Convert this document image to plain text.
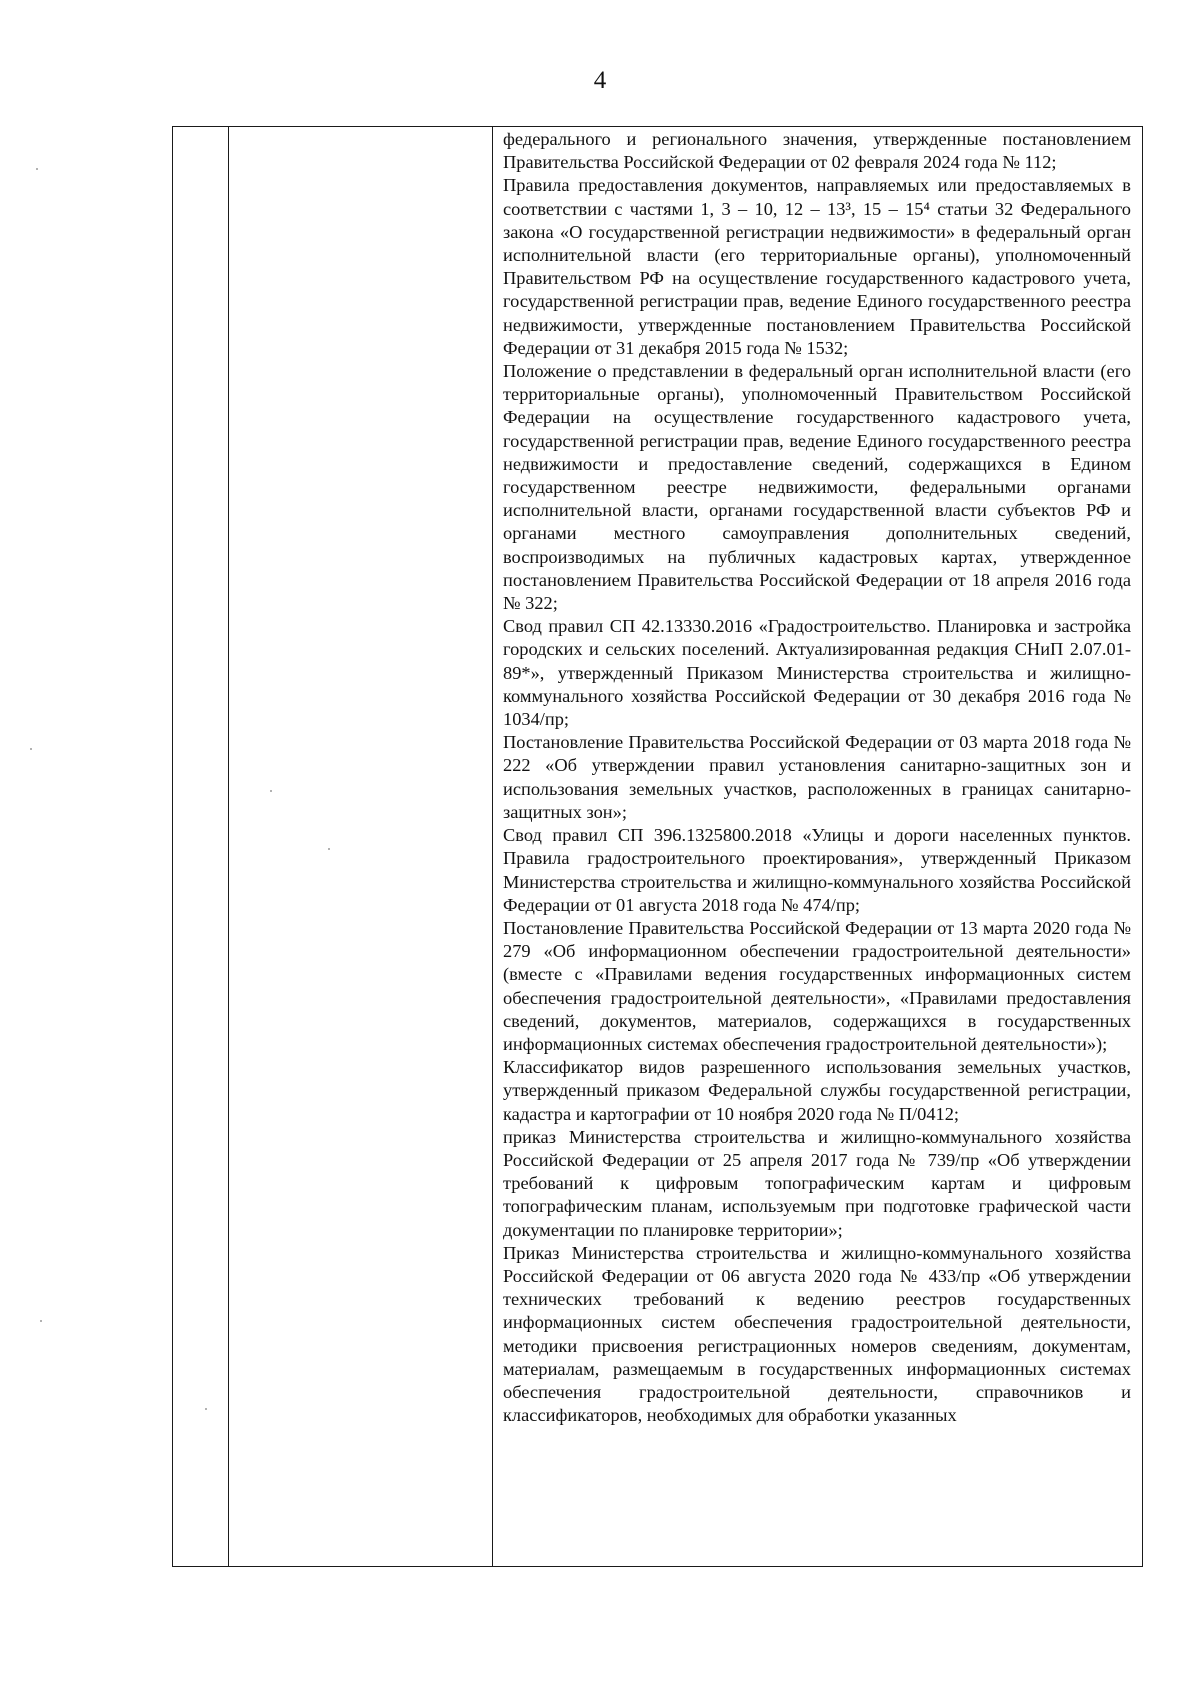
4

федерального и регионального значения, утвержденные постановлением Правительства Российской Федерации от 02 февраля 2024 года № 112;

Правила предоставления документов, направляемых или предоставляемых в соответствии с частями 1, 3 – 10, 12 – 13³, 15 – 15⁴ статьи 32 Федерального закона «О государственной регистрации недвижимости» в федеральный орган исполнительной власти (его территориальные органы), уполномоченный Правительством РФ на осуществление государственного кадастрового учета, государственной регистрации прав, ведение Единого государственного реестра недвижимости, утвержденные постановлением Правительства Российской Федерации от 31 декабря 2015 года № 1532;

Положение о представлении в федеральный орган исполнительной власти (его территориальные органы), уполномоченный Правительством Российской Федерации на осуществление государственного кадастрового учета, государственной регистрации прав, ведение Единого государственного реестра недвижимости и предоставление сведений, содержащихся в Едином государственном реестре недвижимости, федеральными органами исполнительной власти, органами государственной власти субъектов РФ и органами местного самоуправления дополнительных сведений, воспроизводимых на публичных кадастровых картах, утвержденное постановлением Правительства Российской Федерации от 18 апреля 2016 года № 322;

Свод правил СП 42.13330.2016 «Градостроительство. Планировка и застройка городских и сельских поселений. Актуализированная редакция СНиП 2.07.01-89*», утвержденный Приказом Министерства строительства и жилищно-коммунального хозяйства Российской Федерации от 30 декабря 2016 года № 1034/пр;

Постановление Правительства Российской Федерации от 03 марта 2018 года № 222 «Об утверждении правил установления санитарно-защитных зон и использования земельных участков, расположенных в границах санитарно-защитных зон»;

Свод правил СП 396.1325800.2018 «Улицы и дороги населенных пунктов. Правила градостроительного проектирования», утвержденный Приказом Министерства строительства и жилищно-коммунального хозяйства Российской Федерации от 01 августа 2018 года № 474/пр;

Постановление Правительства Российской Федерации от 13 марта 2020 года № 279 «Об информационном обеспечении градостроительной деятельности» (вместе с «Правилами ведения государственных информационных систем обеспечения градостроительной деятельности», «Правилами предоставления сведений, документов, материалов, содержащихся в государственных информационных системах обеспечения градостроительной деятельности»);

Классификатор видов разрешенного использования земельных участков, утвержденный приказом Федеральной службы государственной регистрации, кадастра и картографии от 10 ноября 2020 года № П/0412;

приказ Министерства строительства и жилищно-коммунального хозяйства Российской Федерации от 25 апреля 2017 года № 739/пр «Об утверждении требований к цифровым топографическим картам и цифровым топографическим планам, используемым при подготовке графической части документации по планировке территории»;

Приказ Министерства строительства и жилищно-коммунального хозяйства Российской Федерации от 06 августа 2020 года № 433/пр «Об утверждении технических требований к ведению реестров государственных информационных систем обеспечения градостроительной деятельности, методики присвоения регистрационных номеров сведениям, документам, материалам, размещаемым в государственных информационных системах обеспечения градостроительной деятельности, справочников и классификаторов, необходимых для обработки указанных
